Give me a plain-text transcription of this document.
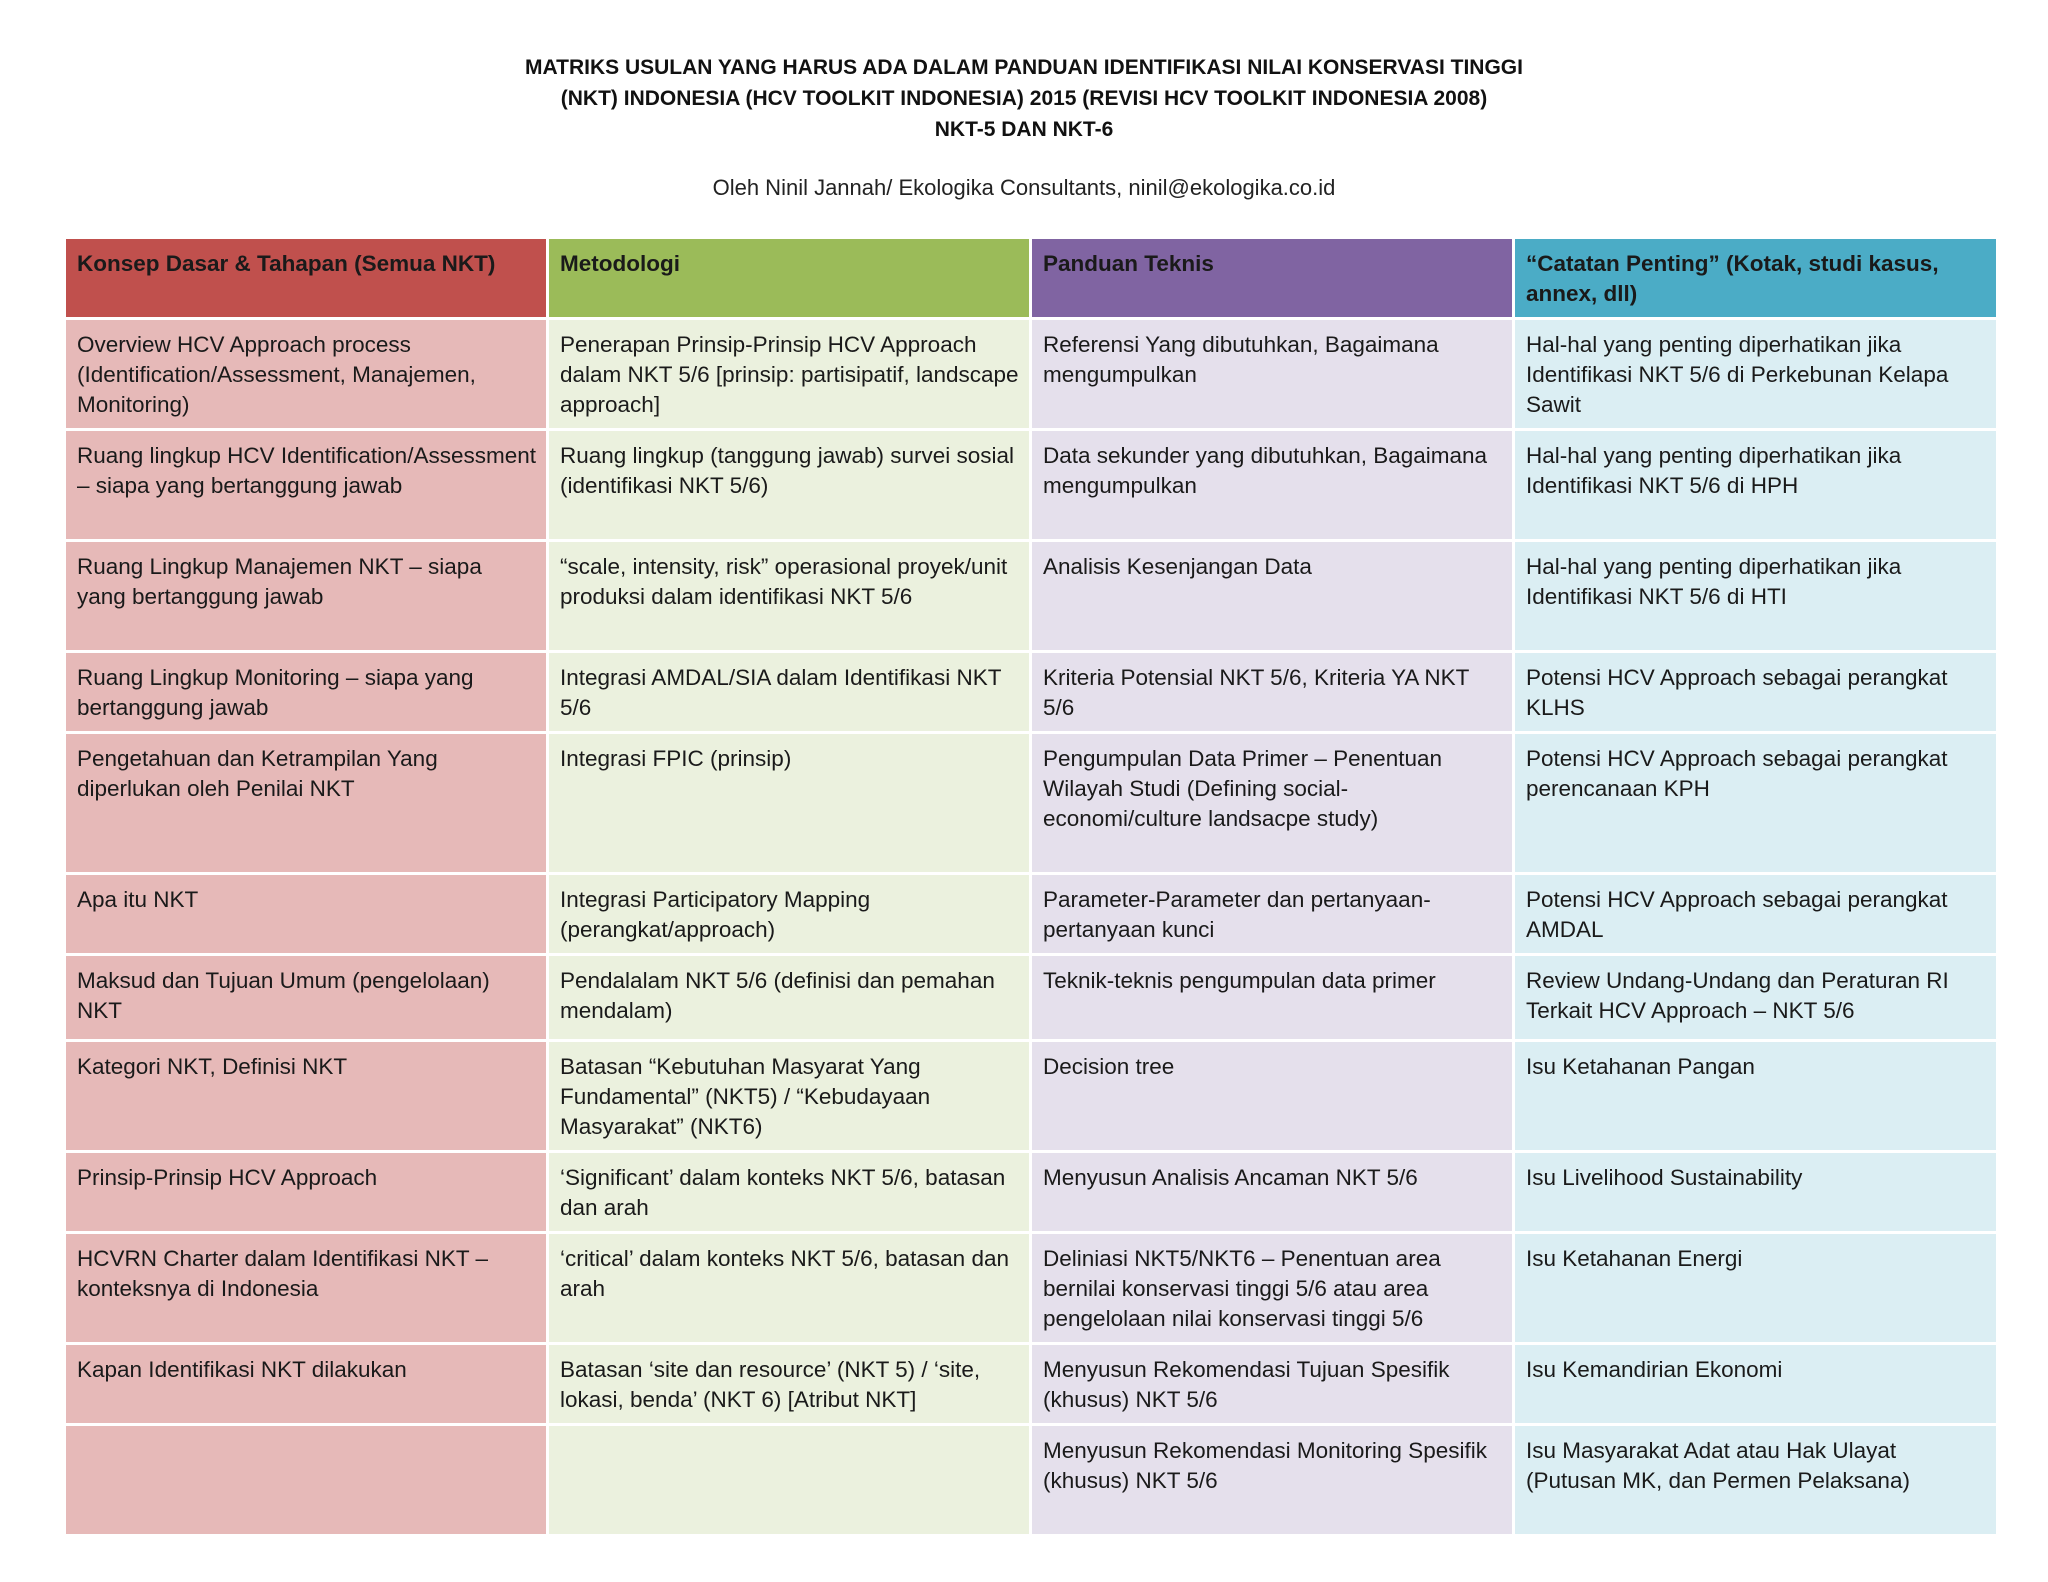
MATRIKS USULAN YANG HARUS ADA DALAM PANDUAN IDENTIFIKASI NILAI KONSERVASI TINGGI
(NKT) INDONESIA (HCV TOOLKIT INDONESIA) 2015 (REVISI HCV TOOLKIT INDONESIA 2008)
NKT-5 DAN NKT-6
Oleh Ninil Jannah/ Ekologika Consultants, ninil@ekologika.co.id
Konsep Dasar & Tahapan (Semua NKT)	Metodologi	Panduan Teknis	“Catatan Penting” (Kotak, studi kasus, annex, dll)
Overview HCV Approach process (Identification/Assessment, Manajemen, Monitoring)	Penerapan Prinsip-Prinsip HCV Approach dalam NKT 5/6 [prinsip: partisipatif, landscape approach]	Referensi Yang dibutuhkan, Bagaimana mengumpulkan	Hal-hal yang penting diperhatikan jika Identifikasi NKT 5/6 di Perkebunan Kelapa Sawit
Ruang lingkup HCV Identification/Assessment – siapa yang bertanggung jawab	Ruang lingkup (tanggung jawab) survei sosial (identifikasi NKT 5/6)	Data sekunder yang dibutuhkan, Bagaimana mengumpulkan	Hal-hal yang penting diperhatikan jika Identifikasi NKT 5/6 di HPH
Ruang Lingkup Manajemen NKT – siapa yang bertanggung jawab	“scale, intensity, risk” operasional proyek/unit produksi dalam identifikasi NKT 5/6	Analisis Kesenjangan Data	Hal-hal yang penting diperhatikan jika Identifikasi NKT 5/6 di HTI
Ruang Lingkup Monitoring – siapa yang bertanggung jawab	Integrasi AMDAL/SIA dalam Identifikasi NKT 5/6	Kriteria Potensial NKT 5/6, Kriteria YA NKT 5/6	Potensi HCV Approach sebagai perangkat KLHS
Pengetahuan dan Ketrampilan Yang diperlukan oleh Penilai NKT	Integrasi FPIC (prinsip)	Pengumpulan Data Primer – Penentuan Wilayah Studi (Defining social-economi/culture landsacpe study)	Potensi HCV Approach sebagai perangkat perencanaan KPH
Apa itu NKT	Integrasi Participatory Mapping (perangkat/approach)	Parameter-Parameter dan pertanyaan-pertanyaan kunci	Potensi HCV Approach sebagai perangkat AMDAL
Maksud dan Tujuan Umum (pengelolaan) NKT	Pendalalam NKT 5/6 (definisi dan pemahan mendalam)	Teknik-teknis pengumpulan data primer	Review Undang-Undang dan Peraturan RI Terkait HCV Approach – NKT 5/6
Kategori NKT, Definisi NKT	Batasan “Kebutuhan Masyarat Yang Fundamental” (NKT5) / “Kebudayaan Masyarakat” (NKT6)	Decision tree	Isu Ketahanan Pangan
Prinsip-Prinsip HCV Approach	‘Significant’ dalam konteks NKT 5/6, batasan dan arah	Menyusun Analisis Ancaman NKT 5/6	Isu Livelihood Sustainability
HCVRN Charter dalam Identifikasi NKT – konteksnya di Indonesia	‘critical’ dalam konteks NKT 5/6, batasan dan arah	Deliniasi NKT5/NKT6 – Penentuan area bernilai konservasi tinggi 5/6 atau area pengelolaan nilai konservasi tinggi 5/6	Isu Ketahanan Energi
Kapan Identifikasi NKT dilakukan	Batasan ‘site dan resource’ (NKT 5) / ‘site, lokasi, benda’ (NKT 6) [Atribut NKT]	Menyusun Rekomendasi Tujuan Spesifik (khusus) NKT 5/6	Isu Kemandirian Ekonomi
		Menyusun Rekomendasi Monitoring Spesifik (khusus) NKT 5/6	Isu Masyarakat Adat atau Hak Ulayat (Putusan MK, dan Permen Pelaksana)
